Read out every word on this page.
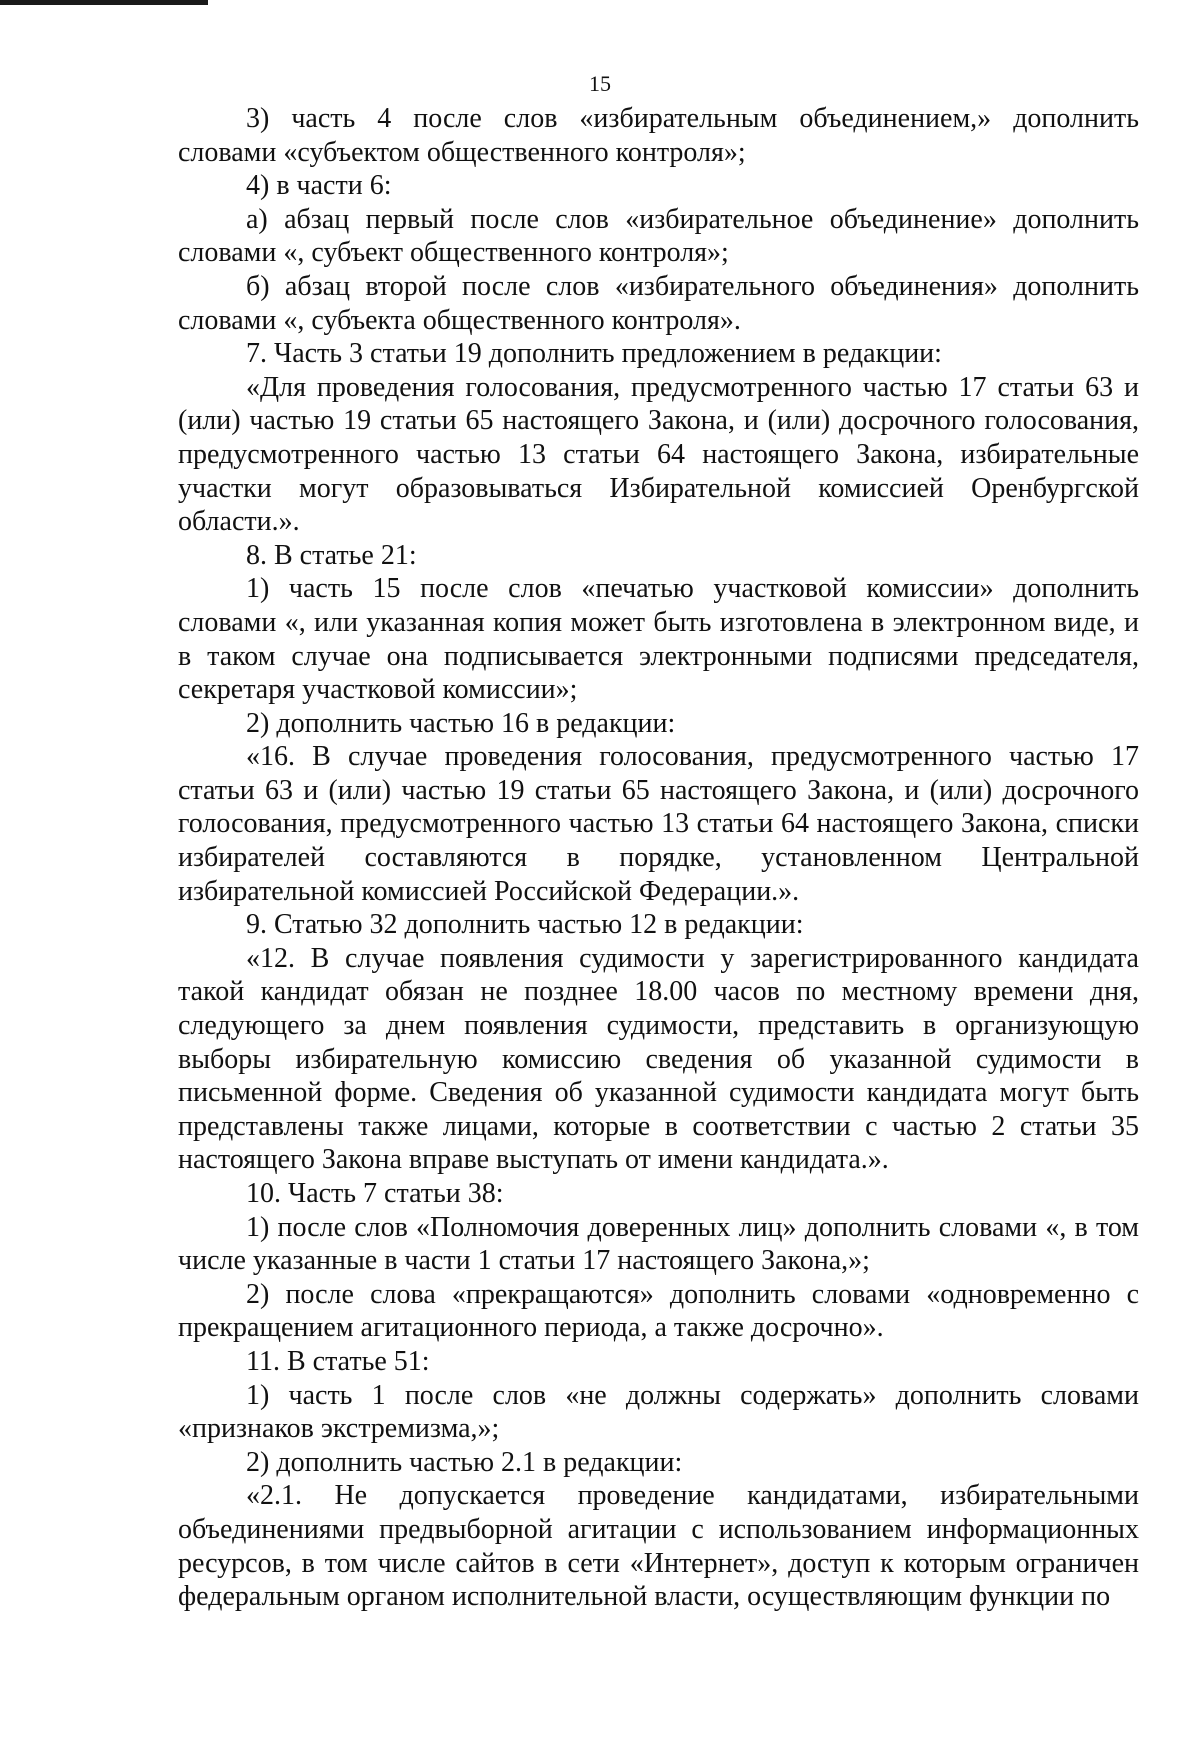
15

3) часть 4 после слов «избирательным объединением,» дополнить словами «субъектом общественного контроля»;

4) в части 6:

а) абзац первый после слов «избирательное объединение» дополнить словами «, субъект общественного контроля»;

б) абзац второй после слов «избирательного объединения» дополнить словами «, субъекта общественного контроля».

7. Часть 3 статьи 19 дополнить предложением в редакции:

«Для проведения голосования, предусмотренного частью 17 статьи 63 и (или) частью 19 статьи 65 настоящего Закона, и (или) досрочного голосования, предусмотренного частью 13 статьи 64 настоящего Закона, избирательные участки могут образовываться Избирательной комиссией Оренбургской области.».

8. В статье 21:

1) часть 15 после слов «печатью участковой комиссии» дополнить словами «, или указанная копия может быть изготовлена в электронном виде, и в таком случае она подписывается электронными подписями председателя, секретаря участковой комиссии»;

2) дополнить частью 16 в редакции:

«16. В случае проведения голосования, предусмотренного частью 17 статьи 63 и (или) частью 19 статьи 65 настоящего Закона, и (или) досрочного голосования, предусмотренного частью 13 статьи 64 настоящего Закона, списки избирателей составляются в порядке, установленном Центральной избирательной комиссией Российской Федерации.».

9. Статью 32 дополнить частью 12 в редакции:

«12. В случае появления судимости у зарегистрированного кандидата такой кандидат обязан не позднее 18.00 часов по местному времени дня, следующего за днем появления судимости, представить в организующую выборы избирательную комиссию сведения об указанной судимости в письменной форме. Сведения об указанной судимости кандидата могут быть представлены также лицами, которые в соответствии с частью 2 статьи 35 настоящего Закона вправе выступать от имени кандидата.».

10. Часть 7 статьи 38:

1) после слов «Полномочия доверенных лиц» дополнить словами «, в том числе указанные в части 1 статьи 17 настоящего Закона,»;

2) после слова «прекращаются» дополнить словами «одновременно с прекращением агитационного периода, а также досрочно».

11. В статье 51:

1) часть 1 после слов «не должны содержать» дополнить словами «признаков экстремизма,»;

2) дополнить частью 2.1 в редакции:

«2.1. Не допускается проведение кандидатами, избирательными объединениями предвыборной агитации с использованием информационных ресурсов, в том числе сайтов в сети «Интернет», доступ к которым ограничен федеральным органом исполнительной власти, осуществляющим функции по
